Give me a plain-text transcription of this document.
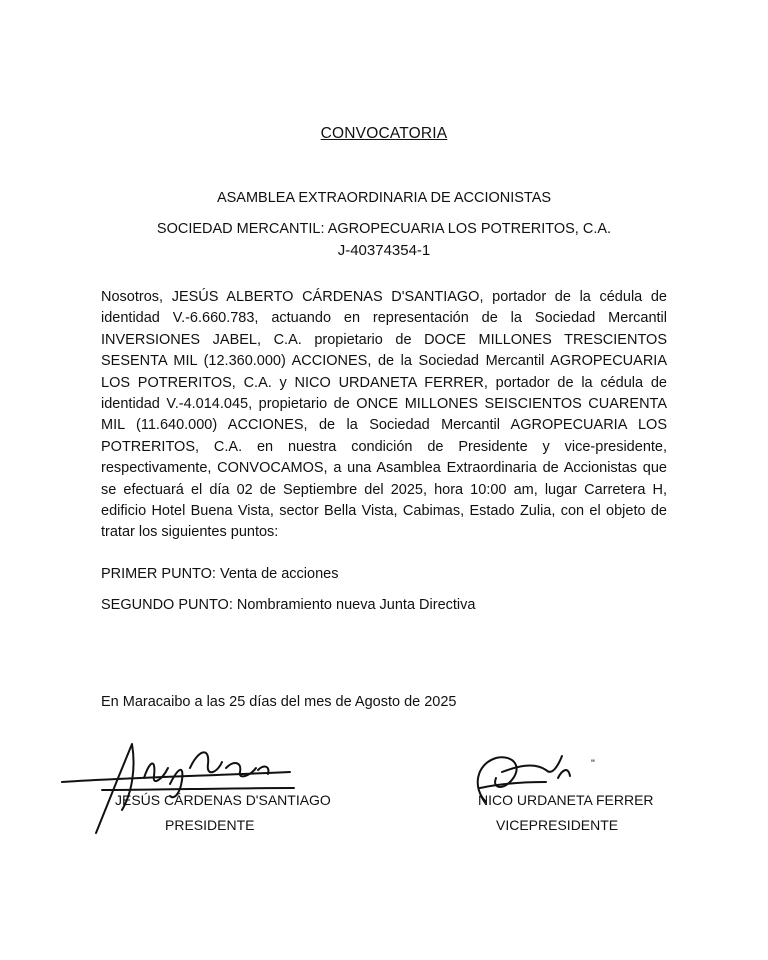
CONVOCATORIA
ASAMBLEA EXTRAORDINARIA DE ACCIONISTAS
SOCIEDAD MERCANTIL: AGROPECUARIA LOS POTRERITOS, C.A.
J-40374354-1
Nosotros, JESÚS ALBERTO CÁRDENAS D'SANTIAGO, portador de la cédula de identidad V.-6.660.783, actuando en representación de la Sociedad Mercantil INVERSIONES JABEL, C.A. propietario de DOCE MILLONES TRESCIENTOS SESENTA MIL (12.360.000) ACCIONES, de la Sociedad Mercantil AGROPECUARIA LOS POTRERITOS, C.A. y NICO URDANETA FERRER, portador de la cédula de identidad V.-4.014.045, propietario de ONCE MILLONES SEISCIENTOS CUARENTA MIL (11.640.000) ACCIONES, de la Sociedad Mercantil AGROPECUARIA LOS POTRERITOS, C.A. en nuestra condición de Presidente y vice-presidente, respectivamente, CONVOCAMOS, a una Asamblea Extraordinaria de Accionistas que se efectuará el día 02 de Septiembre del 2025, hora 10:00 am, lugar Carretera H, edificio Hotel Buena Vista, sector Bella Vista, Cabimas, Estado Zulia, con el objeto de tratar los siguientes puntos:
PRIMER PUNTO: Venta de acciones
SEGUNDO PUNTO: Nombramiento nueva Junta Directiva
En Maracaibo a las 25 días del mes de Agosto de 2025
JESÚS CÁRDENAS D'SANTIAGO
PRESIDENTE
"
NICO URDANETA FERRER
VICEPRESIDENTE
